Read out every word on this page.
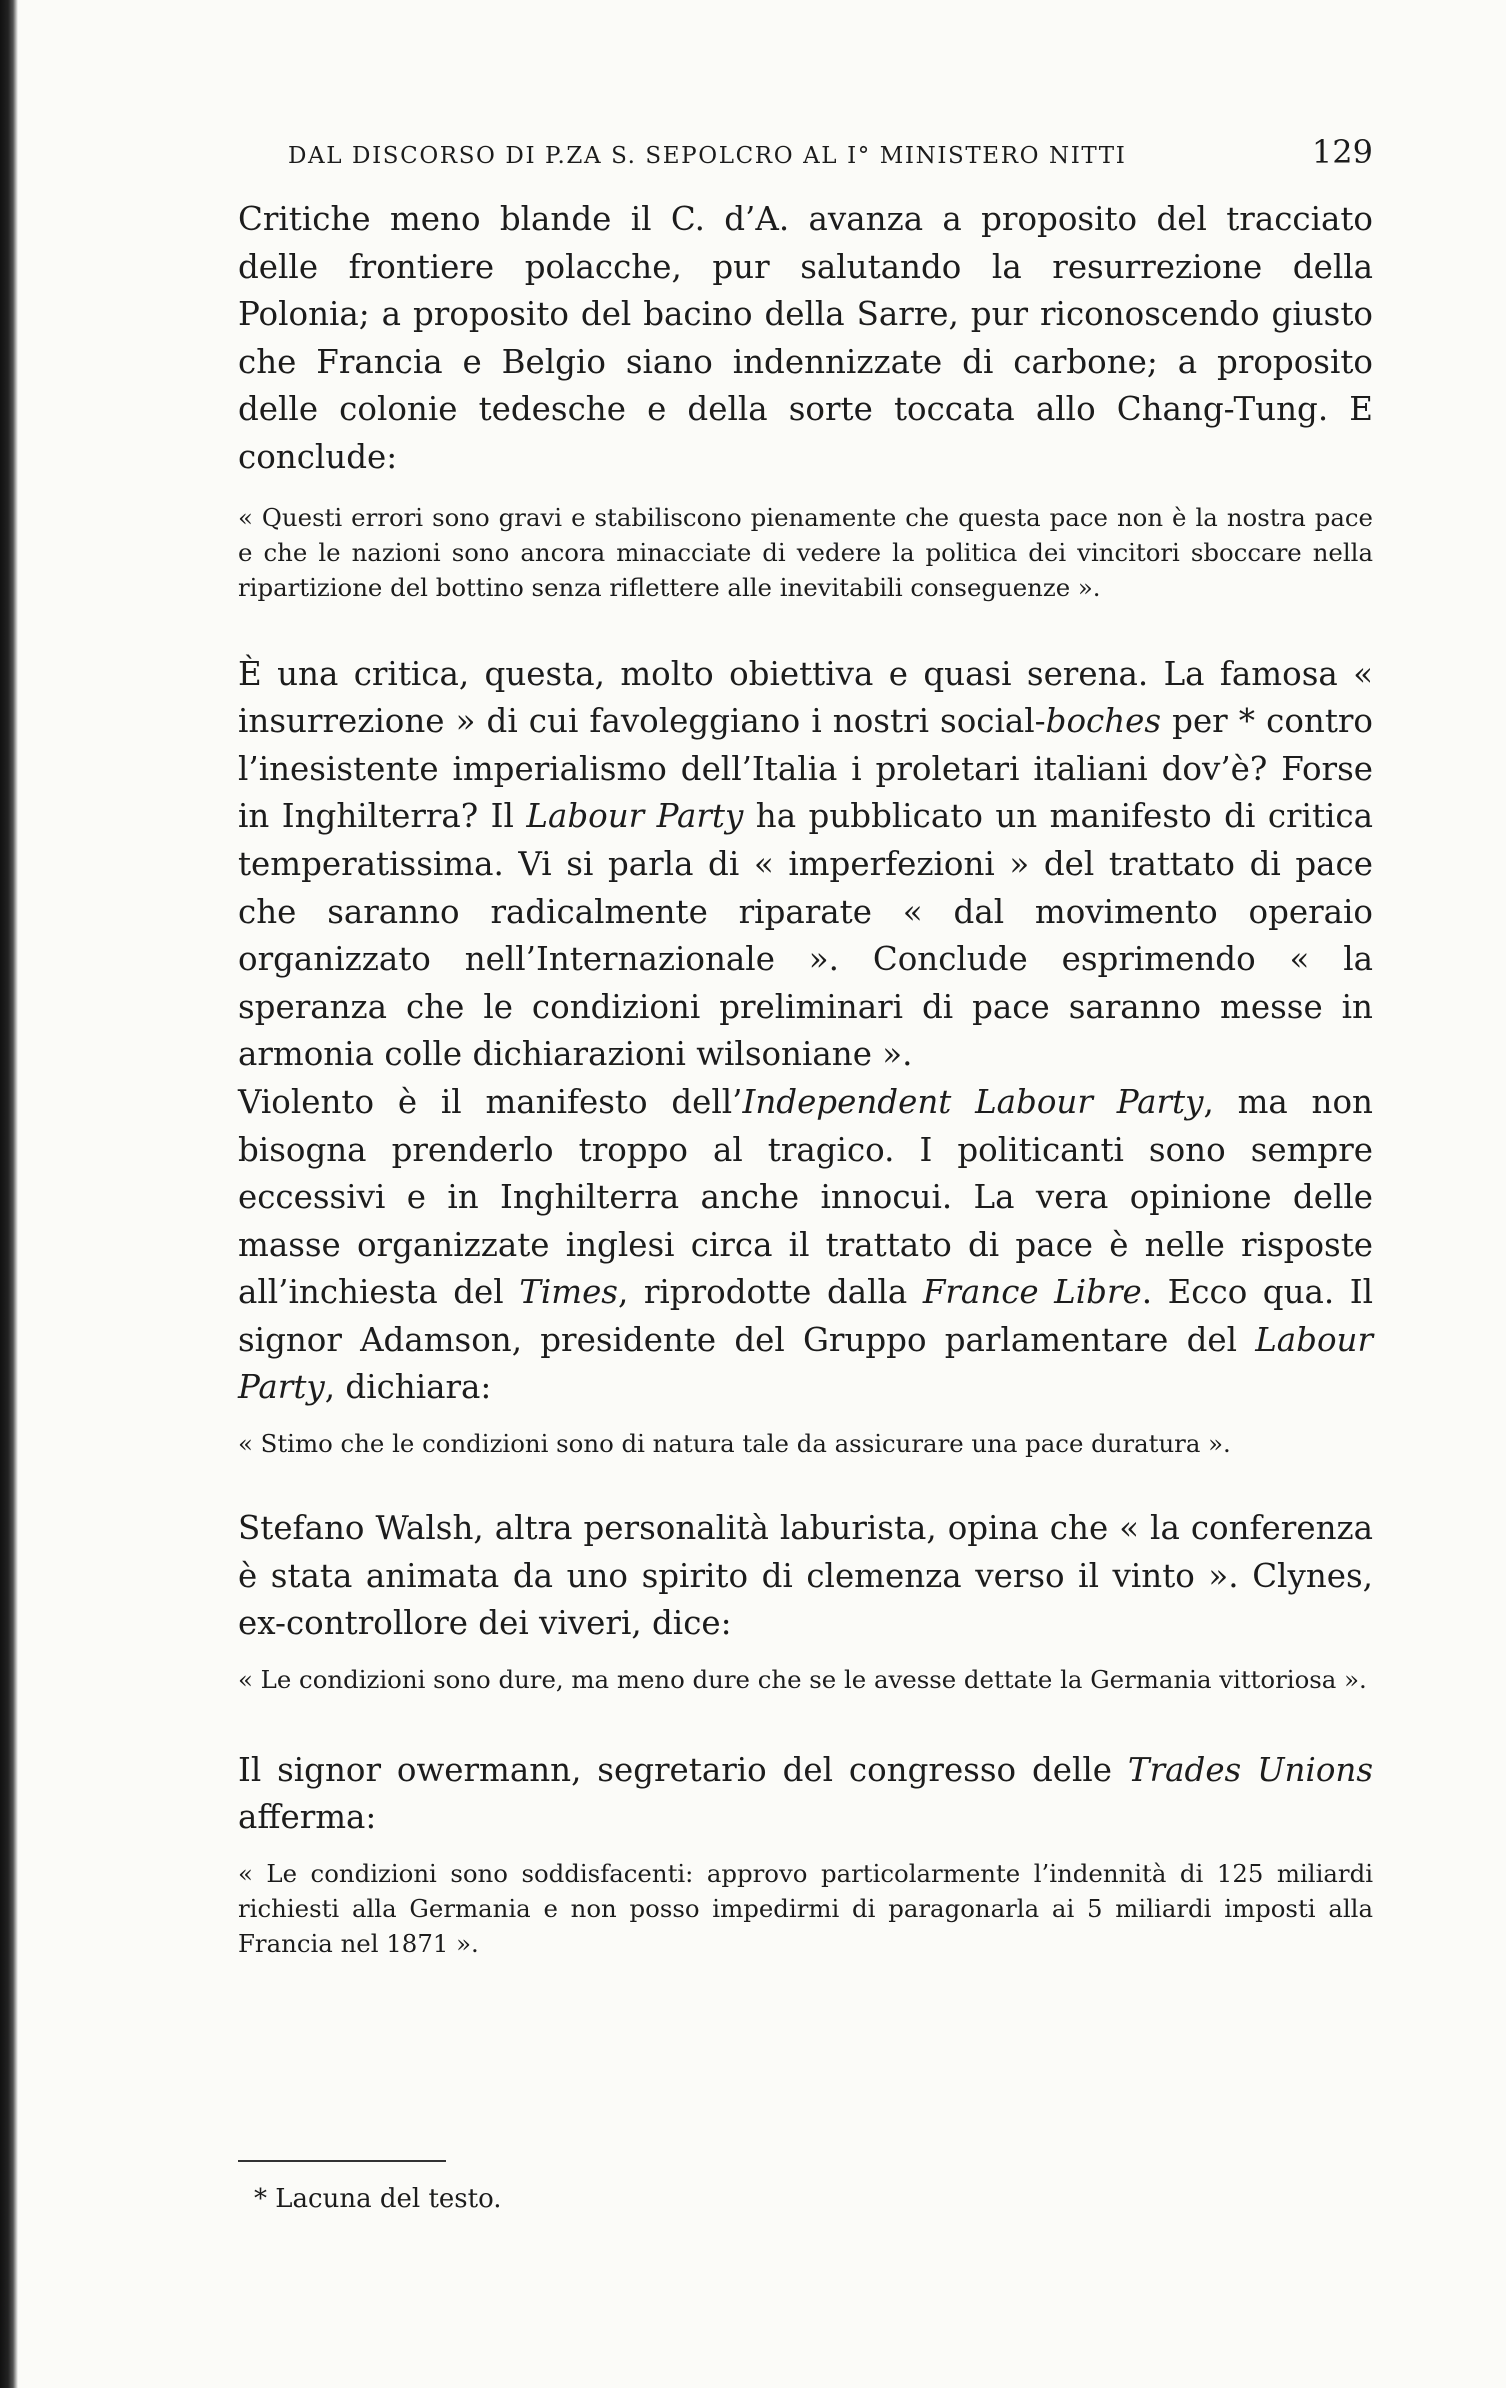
DAL DISCORSO DI P.ZA S. SEPOLCRO AL I° MINISTERO NITTI	129

Critiche meno blande il C. d’A. avanza a proposito del tracciato delle frontiere polacche, pur salutando la resurrezione della Polonia; a proposito del bacino della Sarre, pur riconoscendo giusto che Francia e Belgio siano indennizzate di carbone; a proposito delle colonie tedesche e della sorte toccata allo Chang-Tung. E conclude:

« Questi errori sono gravi e stabiliscono pienamente che questa pace non è la nostra pace e che le nazioni sono ancora minacciate di vedere la politica dei vincitori sboccare nella ripartizione del bottino senza riflettere alle inevitabili conseguenze ».

È una critica, questa, molto obiettiva e quasi serena. La famosa « insurrezione » di cui favoleggiano i nostri social-boches per * contro l’inesistente imperialismo dell’Italia i proletari italiani dov’è? Forse in Inghilterra? Il Labour Party ha pubblicato un manifesto di critica temperatissima. Vi si parla di « imperfezioni » del trattato di pace che saranno radicalmente riparate « dal movimento operaio organizzato nell’Internazionale ». Conclude esprimendo « la speranza che le condizioni preliminari di pace saranno messe in armonia colle dichiarazioni wilsoniane ».

Violento è il manifesto dell’Independent Labour Party, ma non bisogna prenderlo troppo al tragico. I politicanti sono sempre eccessivi e in Inghilterra anche innocui. La vera opinione delle masse organizzate inglesi circa il trattato di pace è nelle risposte all’inchiesta del Times, riprodotte dalla France Libre. Ecco qua. Il signor Adamson, presidente del Gruppo parlamentare del Labour Party, dichiara:

« Stimo che le condizioni sono di natura tale da assicurare una pace duratura ».

Stefano Walsh, altra personalità laburista, opina che « la conferenza è stata animata da uno spirito di clemenza verso il vinto ». Clynes, ex-controllore dei viveri, dice:

« Le condizioni sono dure, ma meno dure che se le avesse dettate la Germania vittoriosa ».

Il signor owermann, segretario del congresso delle Trades Unions afferma:

« Le condizioni sono soddisfacenti: approvo particolarmente l’indennità di 125 miliardi richiesti alla Germania e non posso impedirmi di paragonarla ai 5 miliardi imposti alla Francia nel 1871 ».

* Lacuna del testo.
